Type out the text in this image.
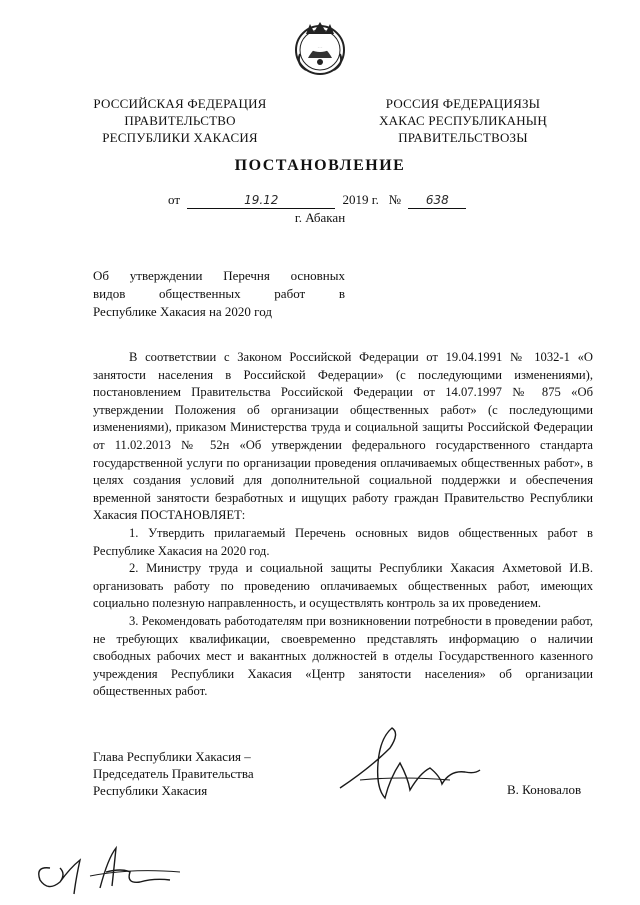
РОССИЙСКАЯ ФЕДЕРАЦИЯ
ПРАВИТЕЛЬСТВО
РЕСПУБЛИКИ ХАКАСИЯ
РОССИЯ ФЕДЕРАЦИЯЗЫ
ХАКАС РЕСПУБЛИКАНЫҢ
ПРАВИТЕЛЬСТВОЗЫ
ПОСТАНОВЛЕНИЕ
от	19.12	2019 г. № 638
г. Абакан
Об утверждении Перечня основных
видов общественных работ в
Республике Хакасия на 2020 год

В соответствии с Законом Российской Федерации от 19.04.1991 № 1032-1 «О занятости населения в Российской Федерации» (с последующими изменениями), постановлением Правительства Российской Федерации от 14.07.1997 № 875 «Об утверждении Положения об организации общественных работ» (с последующими изменениями), приказом Министерства труда и социальной защиты Российской Федерации от 11.02.2013 № 52н «Об утверждении федерального государственного стандарта государственной услуги по организации проведения оплачиваемых общественных работ», в целях создания условий для дополнительной социальной поддержки и обеспечения временной занятости безработных и ищущих работу граждан Правительство Республики Хакасия ПОСТАНОВЛЯЕТ:

1. Утвердить прилагаемый Перечень основных видов общественных работ в Республике Хакасия на 2020 год.

2. Министру труда и социальной защиты Республики Хакасия Ахметовой И.В. организовать работу по проведению оплачиваемых общественных работ, имеющих социально полезную направленность, и осуществлять контроль за их проведением.

3. Рекомендовать работодателям при возникновении потребности в проведении работ, не требующих квалификации, своевременно представлять информацию о наличии свободных рабочих мест и вакантных должностей в отделы Государственного казенного учреждения Республики Хакасия «Центр занятости населения» об организации общественных работ.

Глава Республики Хакасия –
Председатель Правительства
Республики Хакасия	В. Коновалов
